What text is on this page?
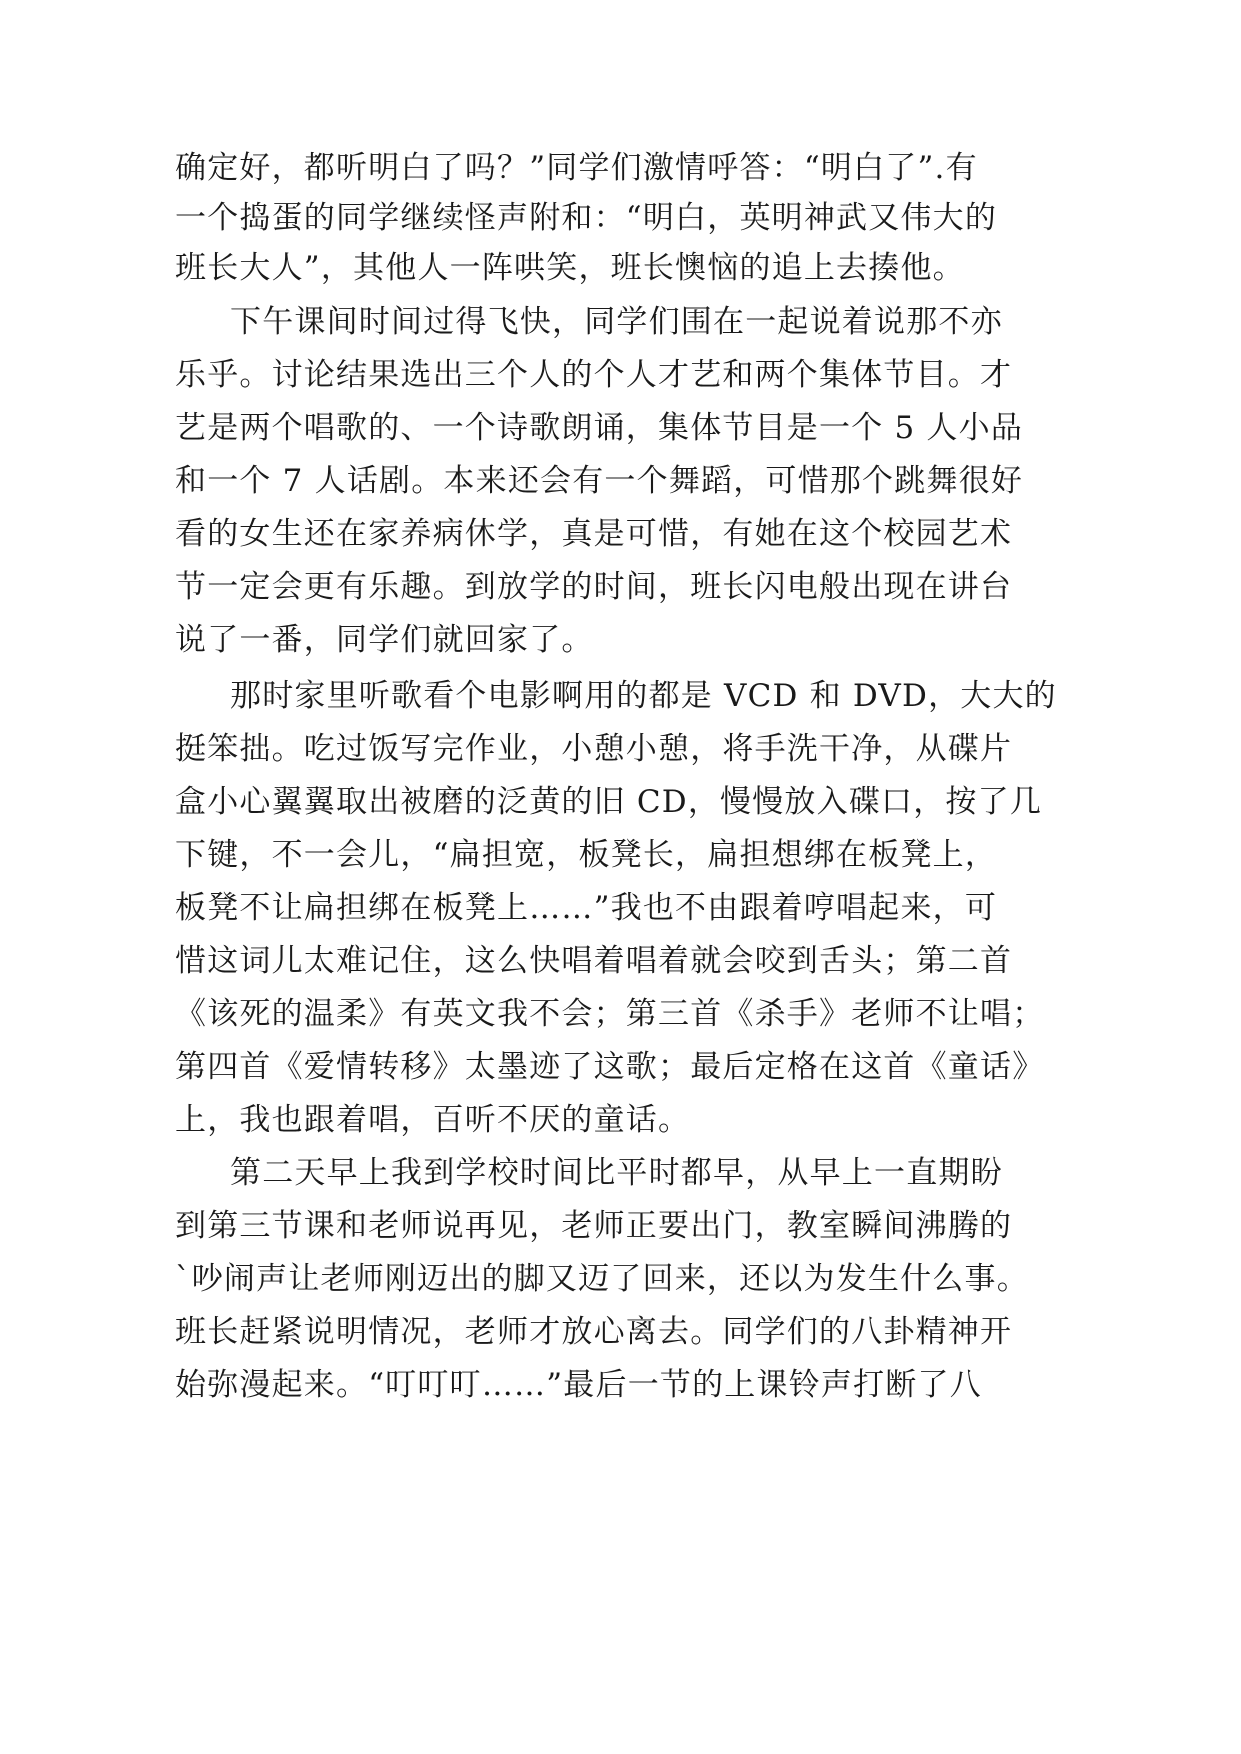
确定好，都听明白了吗？”同学们激情呼答：“明白了”.有
一个捣蛋的同学继续怪声附和：“明白，英明神武又伟大的
班长大人”，其他人一阵哄笑，班长懊恼的追上去揍他。
下午课间时间过得飞快，同学们围在一起说着说那不亦
乐乎。讨论结果选出三个人的个人才艺和两个集体节目。才
艺是两个唱歌的、一个诗歌朗诵，集体节目是一个 5 人小品
和一个 7 人话剧。本来还会有一个舞蹈，可惜那个跳舞很好
看的女生还在家养病休学，真是可惜，有她在这个校园艺术
节一定会更有乐趣。到放学的时间，班长闪电般出现在讲台
说了一番，同学们就回家了。
那时家里听歌看个电影啊用的都是 VCD 和 DVD，大大的
挺笨拙。吃过饭写完作业，小憩小憩，将手洗干净，从碟片
盒小心翼翼取出被磨的泛黄的旧 CD，慢慢放入碟口，按了几
下键，不一会儿，“扁担宽，板凳长，扁担想绑在板凳上，
板凳不让扁担绑在板凳上……”我也不由跟着哼唱起来，可
惜这词儿太难记住，这么快唱着唱着就会咬到舌头；第二首
《该死的温柔》有英文我不会；第三首《杀手》老师不让唱；
第四首《爱情转移》太墨迹了这歌；最后定格在这首《童话》
上，我也跟着唱，百听不厌的童话。
第二天早上我到学校时间比平时都早，从早上一直期盼
到第三节课和老师说再见，老师正要出门，教室瞬间沸腾的
`吵闹声让老师刚迈出的脚又迈了回来，还以为发生什么事。
班长赶紧说明情况，老师才放心离去。同学们的八卦精神开
始弥漫起来。“叮叮叮……”最后一节的上课铃声打断了八
